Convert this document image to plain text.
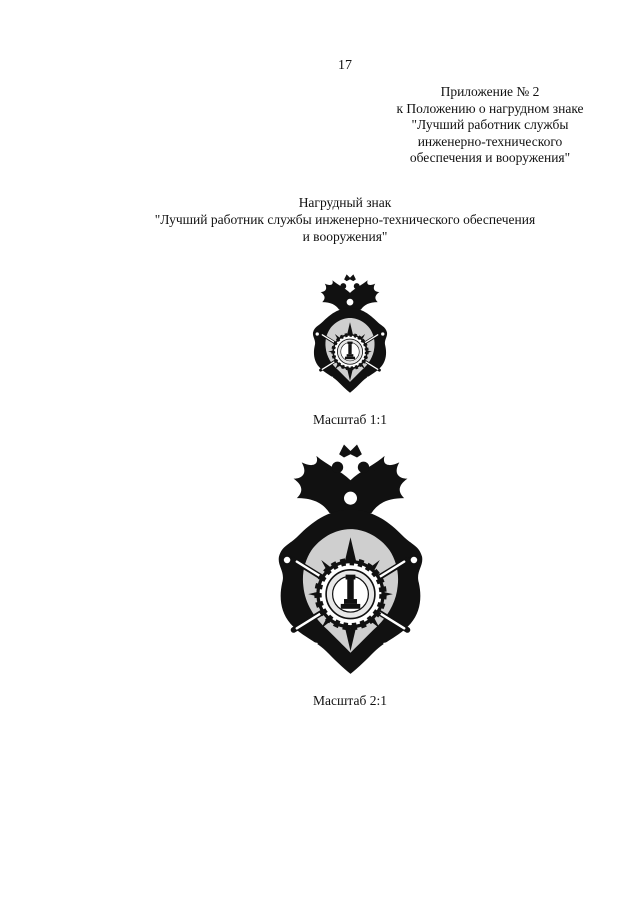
17
Приложение № 2
к Положению о нагрудном знаке
"Лучший работник службы
инженерно-технического
обеспечения и вооружения"
Нагрудный знак
"Лучший работник службы инженерно-технического обеспечения
и вооружения"
Масштаб 1:1
Масштаб 2:1
